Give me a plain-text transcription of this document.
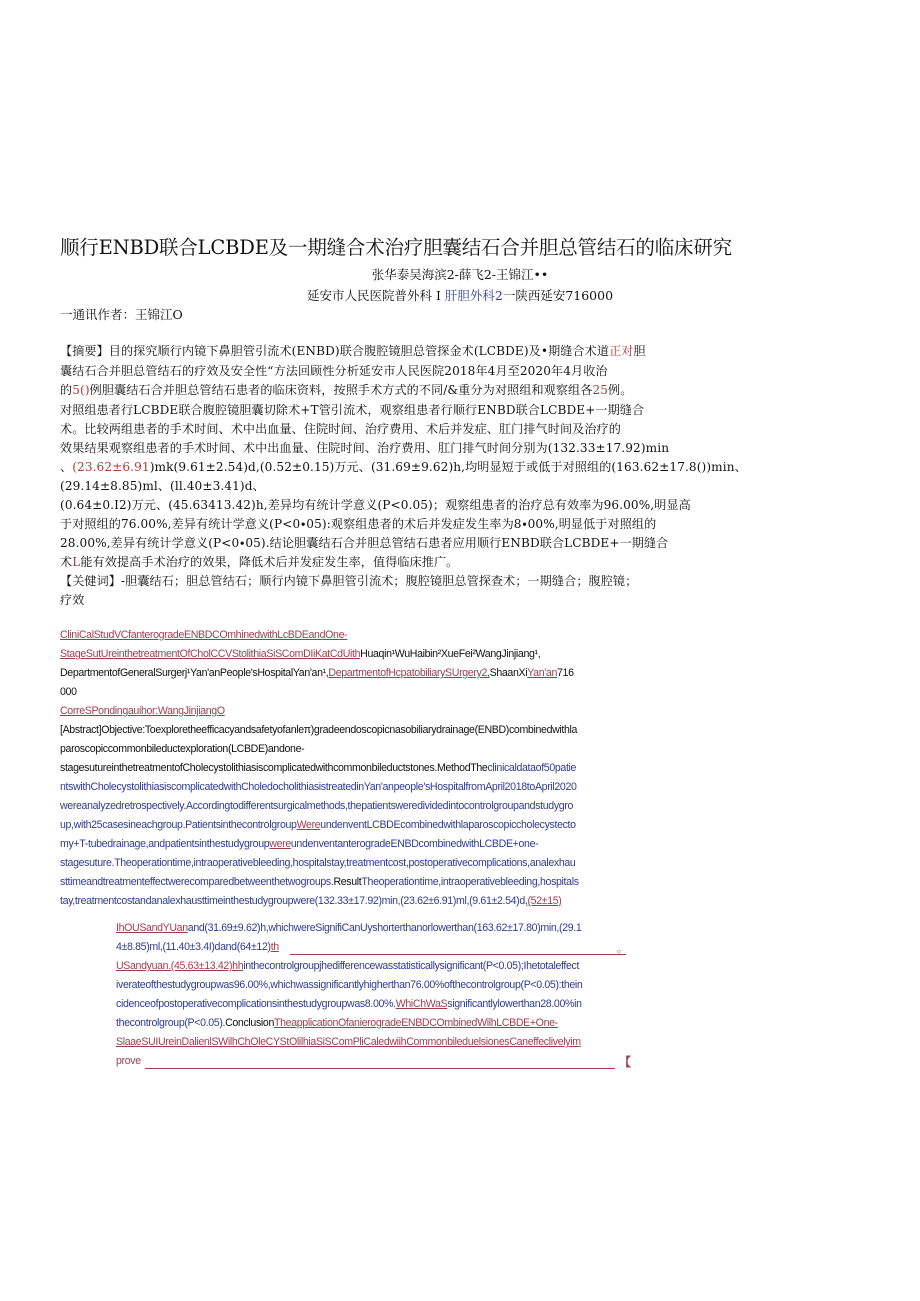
顺行ENBD联合LCBDE及一期缝合术治疗胆囊结石合并胆总管结石的临床研究
张华泰吴海滨2-薛飞2-王锦江••
延安市人民医院普外科 I 肝胆外科2一陕西延安716000
一通讯作者：王锦江O
【摘要】目的探究顺行内镜下鼻胆管引流术(ENBD)联合腹腔镜胆总管探金术(LCBDE)及•期缝合术道正对胆
囊结石合并胆总管结石的疗效及安全性“方法回顾性分析延安市人民医院2018年4月至2020年4月收治
的5()例胆囊结石合并胆总管结石患者的临床资料，按照手术方式的不同/&重分为对照组和观察组各25例。
对照组患者行LCBDE联合腹腔镜胆囊切除术+T管引流术，观察组患者行顺行ENBD联合LCBDE+一期缝合
术。比较两组患者的手术时间、术中出血量、住院时间、治疗费用、术后并发症、肛门排气时间及治疗的
效果结果观察组患者的手术时间、术中出血量、住院时间、治疗费用、肛门排气时间分别为(132.33±17.92)min
、(23.62±6.91)mk(9.61±2.54)d,(0.52±0.15)万元、(31.69±9.62)h,均明显短于或低于对照组的(163.62±17.8())min、
(29.14±8.85)ml、(ll.40±3.41)d、
(0.64±0.I2)万元、(45.63413.42)h,差异均有统计学意义(P<0.05)；观察组患者的治疗总有效率为96.00%,明显高
于对照组的76.00%,差异有统计学意义(P<0∙05):观察组患者的术后并发症发生率为8∙00%,明显低于对照组的
28.00%,差异有统计学意义(P<0∙05).结论胆囊结石合并胆总管结石患者应用顺行ENBD联合LCBDE+一期缝合
术L能有效提高手术治疗的效果，降低术后并发症发生率，值得临床推广。
【关健词】-胆囊结石；胆总管结石；顺行内镜下鼻胆管引流术；腹腔镜胆总管探查术；一期缝合；腹腔镜；
疗效
CliniCalStudVCfanterogradeENBDCOmhinedwithLcBDEandOne-
StageSutUreinthetreatmentOfCholCCVStolithiaSiSComDIiKatCdUithHuaqin¹WuHaibin²XueFei²WangJinjiang¹,
DepartmentofGeneralSurgerj¹Yan'anPeople'sHospitalYan'an¹,DepartmentofHcpatobiliarySUrgery2,ShaanXiYan'an716
000
CorreSPondingauihor:WangJinjiangO
[Abstract]Objective:Toexploretheefficacyandsafetyofanleπ)gradeendoscopicnasobiliarydrainage(ENBD)combinedwithla
paroscopiccommonbileductexploration(LCBDE)andone-
stagesutureinthetreatmentofCholecystolithiasiscomplicatedwithcommonbileductstones.MethodTheclinicaldataof50patie
ntswithCholecystolithiasiscomplicatedwithCholedocholithiasistreatedinYan'anpeople'sHospitalfromApril2018toApril2020
wereanalyzedretrospectively.Accordingtodifferentsurgicalmethods,thepatientsweredividedintocontrolgroupandstudygro
up,with25casesineachgroup.PatientsinthecontrolgroupWereundenventLCBDEcombinedwithlaparoscopiccholecystecto
my+T-tubedrainage,andpatientsinthestudygroupwereundenventanterogradeENBDcombinedwithLCBDE+one-
stagesuture.Theoperationtime,intraoperativebleeding,hospitalstay,treatmentcost,postoperativecomplications,analexhau
sttimeandtreatmenteffectwerecomparedbetweenthetwogroups.ResultTheoperationtime,intraoperativebleeding,hospitals
tay,treatmentcostandanalexhausttimeinthestudygroupwere(132.33±17.92)min,(23.62±6.91)ml,(9.61±2.54)d,(52±15)
IhOUSandYUanand(31.69±9.62)h,whichwereSignifiCanUyshorterthanorlowerthan(163.62±17.80)min,(29.1
4±8.85)ml,(11.40±3.4I)dand(64±12)th	。
USandyuan.(45.63±13.42)hhinthecontrolgroupjhedifferencewasstatisticallysignificant(P<0.05);Ihetotaleffect
iverateofthestudygroupwas96.00%,whichwassignificantlyhigherthan76.00%ofthecontrolgroup(P<0.05):thein
cidenceofpostoperativecomplicationsinthestudygroupwas8.00%.WhiChWaSsignificantlylowerthan28.00%in
thecontrolgroup(P<0.05).ConclusionTheapplicationOfanierogradeENBDCOmbinedWilhLCBDE+One-
SlaaeSUIUreinDalienlSWilhChOleCYStOlilhiaSiSComPliCaledwiihCommonbileduelsionesCaneffeclivelyim
prove	【
